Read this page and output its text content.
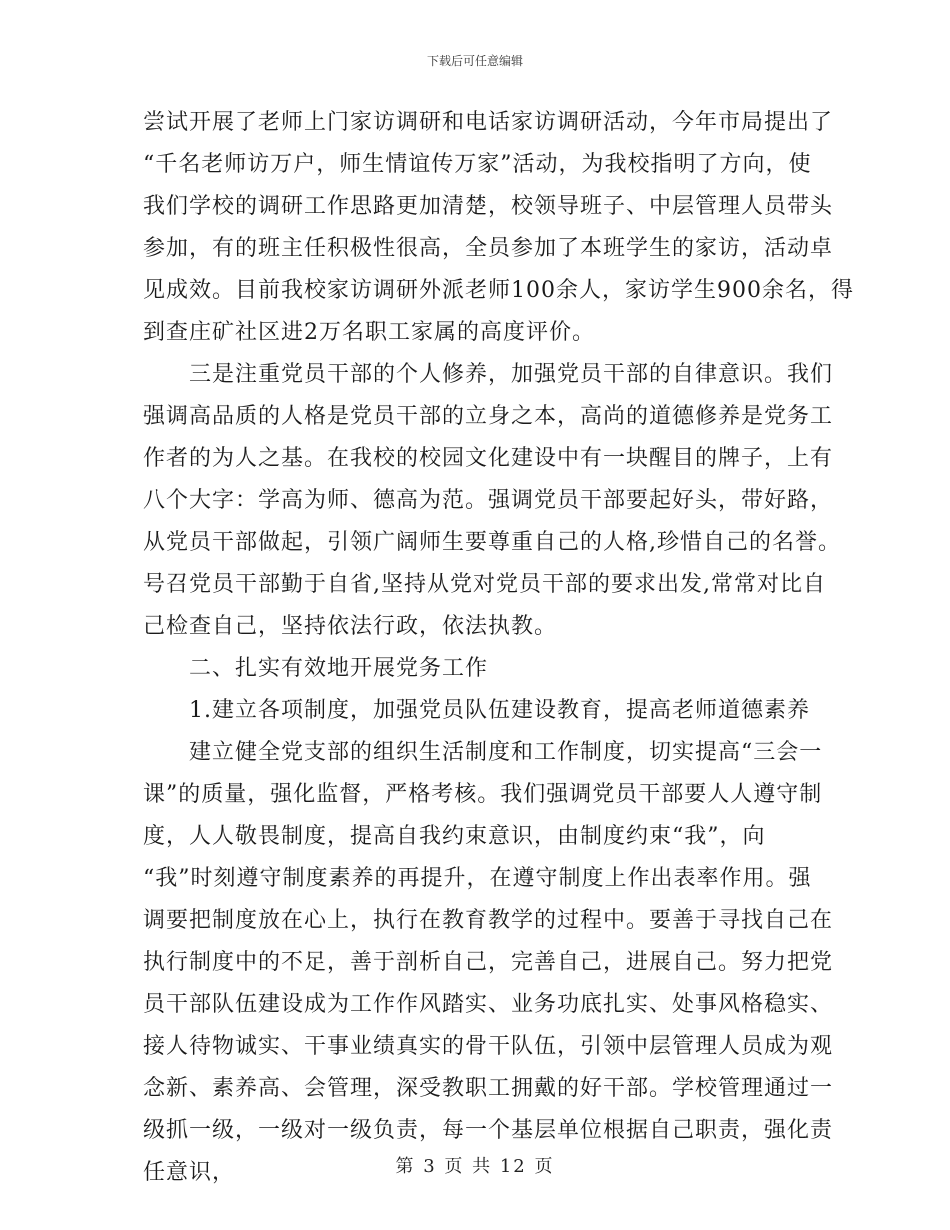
下载后可任意编辑
尝试开展了老师上门家访调研和电话家访调研活动，今年市局提出了
“千名老师访万户，师生情谊传万家”活动，为我校指明了方向，使
我们学校的调研工作思路更加清楚，校领导班子、中层管理人员带头
参加，有的班主任积极性很高，全员参加了本班学生的家访，活动卓
见成效。目前我校家访调研外派老师100余人，家访学生900余名，得
到查庄矿社区进2万名职工家属的高度评价。
三是注重党员干部的个人修养，加强党员干部的自律意识。我们
强调高品质的人格是党员干部的立身之本，高尚的道德修养是党务工
作者的为人之基。在我校的校园文化建设中有一块醒目的牌子，上有
八个大字：学高为师、德高为范。强调党员干部要起好头，带好路，
从党员干部做起，引领广阔师生要尊重自己的人格,珍惜自己的名誉。
号召党员干部勤于自省,坚持从党对党员干部的要求出发,常常对比自
己检查自己，坚持依法行政，依法执教。
二、扎实有效地开展党务工作
1.建立各项制度，加强党员队伍建设教育，提高老师道德素养
建立健全党支部的组织生活制度和工作制度，切实提高“三会一
课”的质量，强化监督，严格考核。我们强调党员干部要人人遵守制
度，人人敬畏制度，提高自我约束意识，由制度约束“我”，向
“我”时刻遵守制度素养的再提升，在遵守制度上作出表率作用。强
调要把制度放在心上，执行在教育教学的过程中。要善于寻找自己在
执行制度中的不足，善于剖析自己，完善自己，进展自己。努力把党
员干部队伍建设成为工作作风踏实、业务功底扎实、处事风格稳实、
接人待物诚实、干事业绩真实的骨干队伍，引领中层管理人员成为观
念新、素养高、会管理，深受教职工拥戴的好干部。学校管理通过一
级抓一级，一级对一级负责，每一个基层单位根据自己职责，强化责
任意识，	第 3 页 共 12 页
